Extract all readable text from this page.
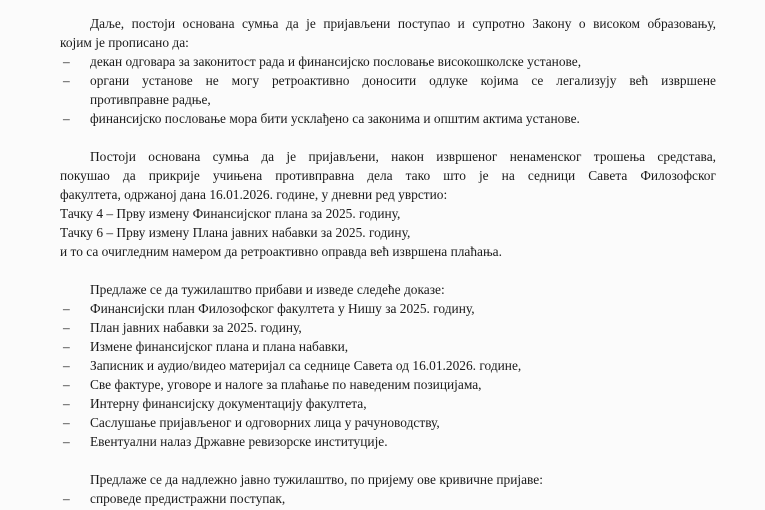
Даље, постоји основана сумња да је пријављени поступао и супротно Закону о високом образовању,
којим је прописано да:
– декан одговара за законитост рада и финансијско пословање високошколске установе,
– органи установе не могу ретроактивно доносити одлуке којима се легализују већ извршене
противправне радње,
– финансијско пословање мора бити усклађено са законима и општим актима установе.
Постоји основана сумња да је пријављени, након извршеног ненаменског трошења средстава,
покушао да прикрије учињена противправна дела тако што је на седници Савета Филозофског
факултета, одржаној дана 16.01.2026. године, у дневни ред уврстио:
Тачку 4 – Прву измену Финансијског плана за 2025. годину,
Тачку 6 – Прву измену Плана јавних набавки за 2025. годину,
и то са очигледним намером да ретроактивно оправда већ извршена плаћања.
Предлаже се да тужилаштво прибави и изведе следеће доказе:
– Финансијски план Филозофског факултета у Нишу за 2025. годину,
– План јавних набавки за 2025. годину,
– Измене финансијског плана и плана набавки,
– Записник и аудио/видео материјал са седнице Савета од 16.01.2026. године,
– Све фактуре, уговоре и налоге за плаћање по наведеним позицијама,
– Интерну финансијску документацију факултета,
– Саслушање пријављеног и одговорних лица у рачуноводству,
– Евентуални налаз Државне ревизорске институције.
Предлаже се да надлежно јавно тужилаштво, по пријему ове кривичне пријаве:
– спроведе предистражни поступак,
